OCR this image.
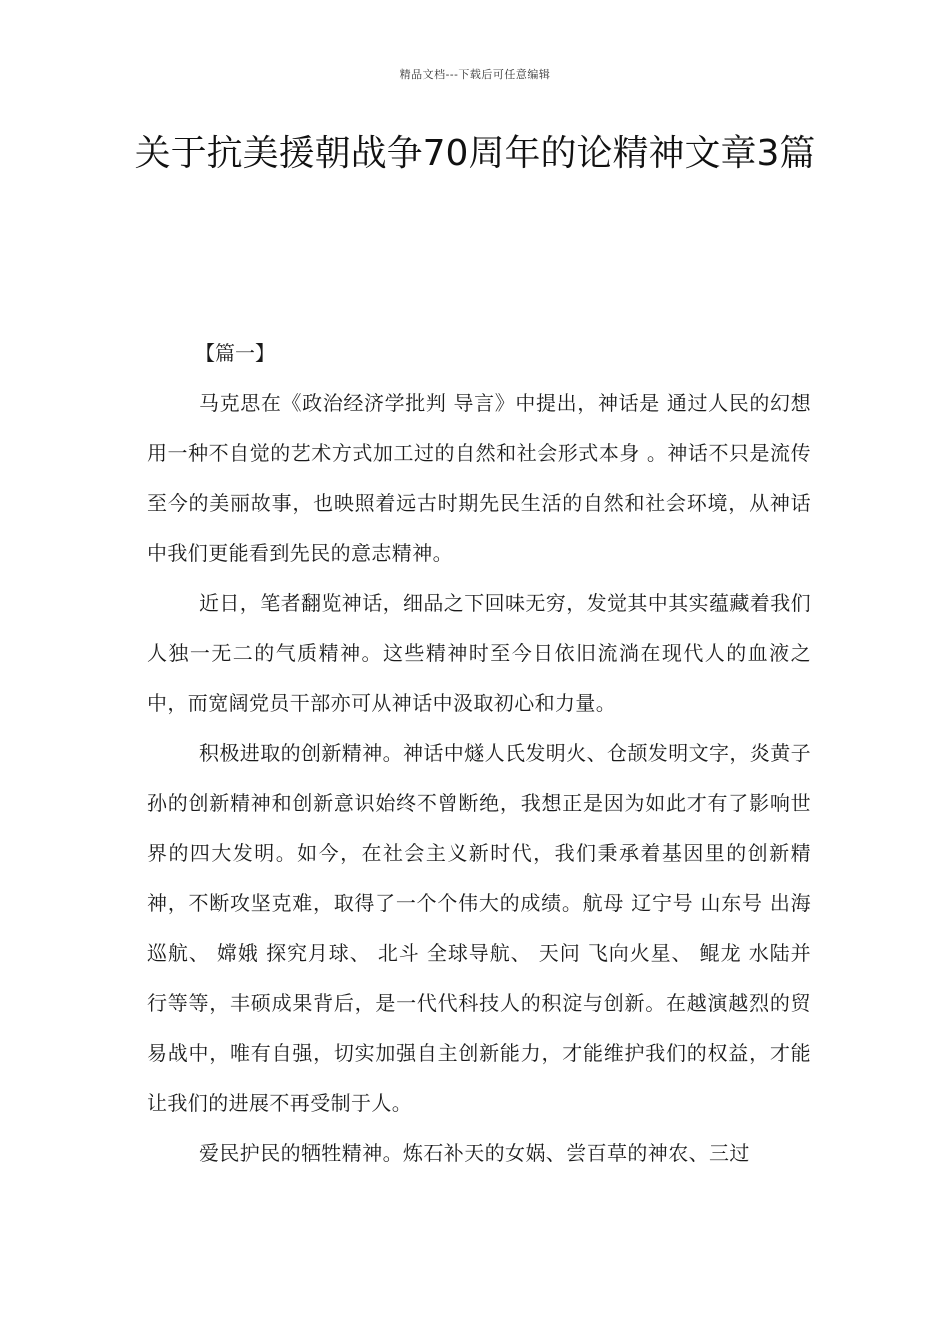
精品文档---下载后可任意编辑
关于抗美援朝战争70周年的论精神文章3篇

【篇一】

马克思在《政治经济学批判 导言》中提出，神话是 通过人民的幻想用一种不自觉的艺术方式加工过的自然和社会形式本身 。神话不只是流传至今的美丽故事，也映照着远古时期先民生活的自然和社会环境，从神话中我们更能看到先民的意志精神。

近日，笔者翻览神话，细品之下回味无穷，发觉其中其实蕴藏着我们人独一无二的气质精神。这些精神时至今日依旧流淌在现代人的血液之中，而宽阔党员干部亦可从神话中汲取初心和力量。

积极进取的创新精神。神话中燧人氏发明火、仓颉发明文字，炎黄子孙的创新精神和创新意识始终不曾断绝，我想正是因为如此才有了影响世界的四大发明。如今，在社会主义新时代，我们秉承着基因里的创新精神，不断攻坚克难，取得了一个个伟大的成绩。航母 辽宁号 山东号 出海巡航、 嫦娥 探究月球、 北斗 全球导航、 天问 飞向火星、 鲲龙 水陆并行等等，丰硕成果背后，是一代代科技人的积淀与创新。在越演越烈的贸易战中，唯有自强，切实加强自主创新能力，才能维护我们的权益，才能让我们的进展不再受制于人。

爱民护民的牺牲精神。炼石补天的女娲、尝百草的神农、三过
